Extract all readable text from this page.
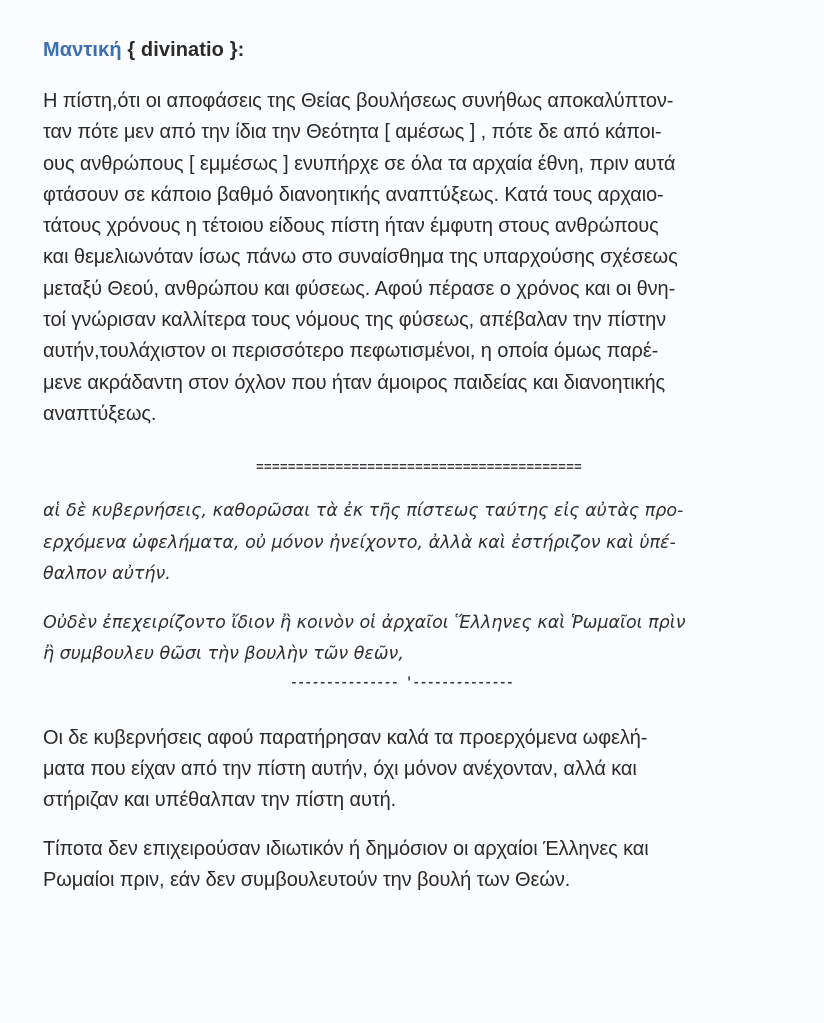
Μαντική { divinatio }:

Η πίστη,ότι οι αποφάσεις της Θείας βουλήσεως συνήθως αποκαλύπτον-
ταν πότε μεν από την ίδια την Θεότητα [ αμέσως ] , πότε δε από κάποι-
ους ανθρώπους [ εμμέσως ] ενυπήρχε σε όλα τα αρχαία έθνη, πριν αυτά
φτάσουν σε κάποιο βαθμό διανοητικής αναπτύξεως. Κατά τους αρχαιο-
τάτους χρόνους η τέτοιου είδους πίστη ήταν έμφυτη στους ανθρώπους
και θεμελιωνόταν ίσως πάνω στο συναίσθημα της υπαρχούσης σχέσεως
μεταξύ Θεού, ανθρώπου και φύσεως. Αφού πέρασε ο χρόνος και οι θνη-
τοί γνώρισαν καλλίτερα τους νόμους της φύσεως, απέβαλαν την πίστην
αυτήν,τουλάχιστον οι περισσότερο πεφωτισμένοι, η οποία όμως παρέ-
μενε ακράδαντη στον όχλον που ήταν άμοιρος παιδείας και διανοητικής
αναπτύξεως.

=========================================

αἱ δὲ κυβερνήσεις, καθορῶσαι τὰ ἐκ τῆς πίστεως ταύτης εἰς αὐτὰς προ-
ερχόμενα ὠφελήματα, οὐ μόνον ἠνείχοντο, ἀλλὰ καὶ ἐστήριζον καὶ ὑπέ-
θαλπον αὐτήν.

Οὐδὲν ἐπεχειρίζοντο ἴδιον ἢ κοινὸν οἱ ἀρχαῖοι Ἕλληνες καὶ Ῥωμαῖοι πρὶν
ἢ συμβουλευ θῶσι τὴν βουλὴν τῶν θεῶν,

--------------- '--------------

Οι δε κυβερνήσεις αφού παρατήρησαν καλά τα προερχόμενα ωφελή-
ματα που είχαν από την πίστη αυτήν, όχι μόνον ανέχονταν, αλλά και
στήριζαν και υπέθαλπαν την πίστη αυτή.

Τίποτα δεν επιχειρούσαν ιδιωτικόν ή δημόσιον οι αρχαίοι Έλληνες και
Ρωμαίοι πριν, εάν δεν συμβουλευτούν την βουλή των Θεών.
